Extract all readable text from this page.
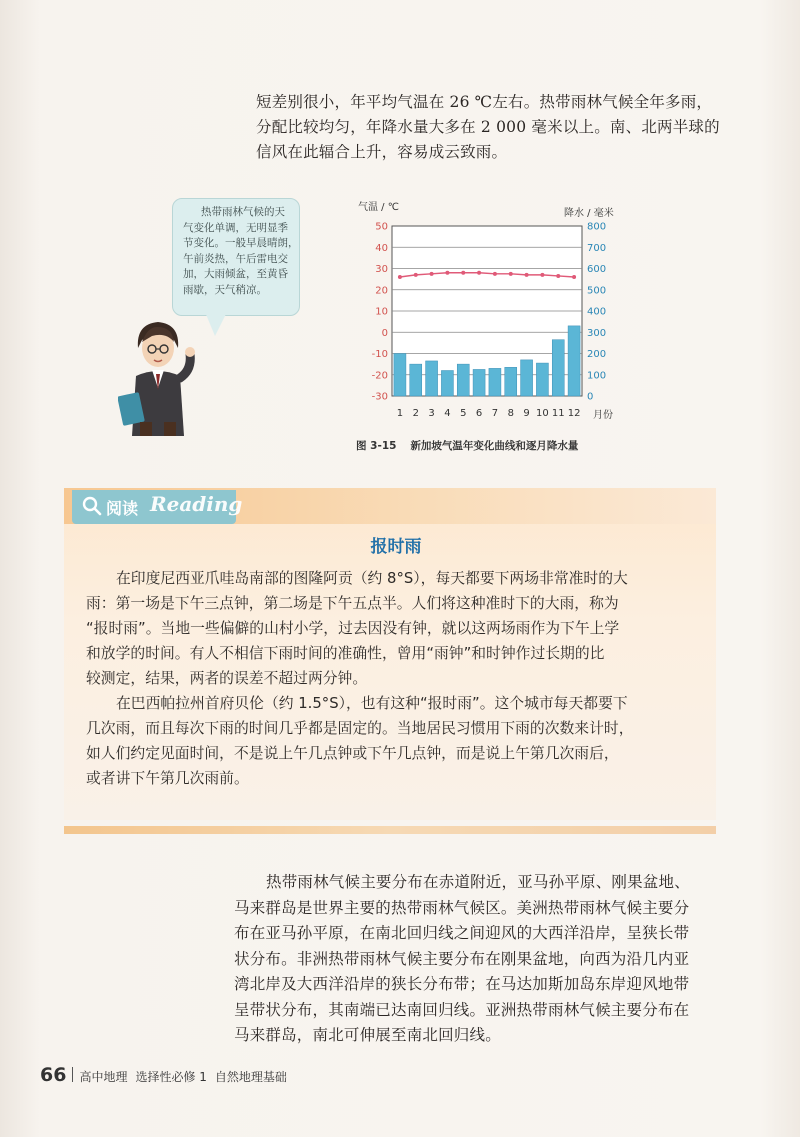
短差别很小，年平均气温在 26 ℃左右。热带雨林气候全年多雨，
分配比较均匀，年降水量大多在 2 000 毫米以上。南、北两半球的
信风在此辐合上升，容易成云致雨。
热带雨林气候的天
气变化单调，无明显季
节变化。一般早晨晴朗，
午前炎热，午后雷电交
加，大雨倾盆，至黄昏
雨歇，天气稍凉。
气温 / ℃
降水 / 毫米
50
40
30
20
10
0
-10
-20
-30
800
700
600
500
400
300
200
100
0
1 2 3 4 5 6 7 8 9 10 11 12 月份
图 3-15 新加坡气温年变化曲线和逐月降水量
阅读 Reading
报时雨
在印度尼西亚爪哇岛南部的图隆阿贡（约 8°S），每天都要下两场非常准时的大
雨：第一场是下午三点钟，第二场是下午五点半。人们将这种准时下的大雨，称为
“报时雨”。当地一些偏僻的山村小学，过去因没有钟，就以这两场雨作为下午上学
和放学的时间。有人不相信下雨时间的准确性，曾用“雨钟”和时钟作过长期的比
较测定，结果，两者的误差不超过两分钟。
在巴西帕拉州首府贝伦（约 1.5°S），也有这种“报时雨”。这个城市每天都要下
几次雨，而且每次下雨的时间几乎都是固定的。当地居民习惯用下雨的次数来计时，
如人们约定见面时间，不是说上午几点钟或下午几点钟，而是说上午第几次雨后，
或者讲下午第几次雨前。
热带雨林气候主要分布在赤道附近，亚马孙平原、刚果盆地、
马来群岛是世界主要的热带雨林气候区。美洲热带雨林气候主要分
布在亚马孙平原，在南北回归线之间迎风的大西洋沿岸，呈狭长带
状分布。非洲热带雨林气候主要分布在刚果盆地，向西为沿几内亚
湾北岸及大西洋沿岸的狭长分布带；在马达加斯加岛东岸迎风地带
呈带状分布，其南端已达南回归线。亚洲热带雨林气候主要分布在
马来群岛，南北可伸展至南北回归线。
66 高中地理 选择性必修 1 自然地理基础
